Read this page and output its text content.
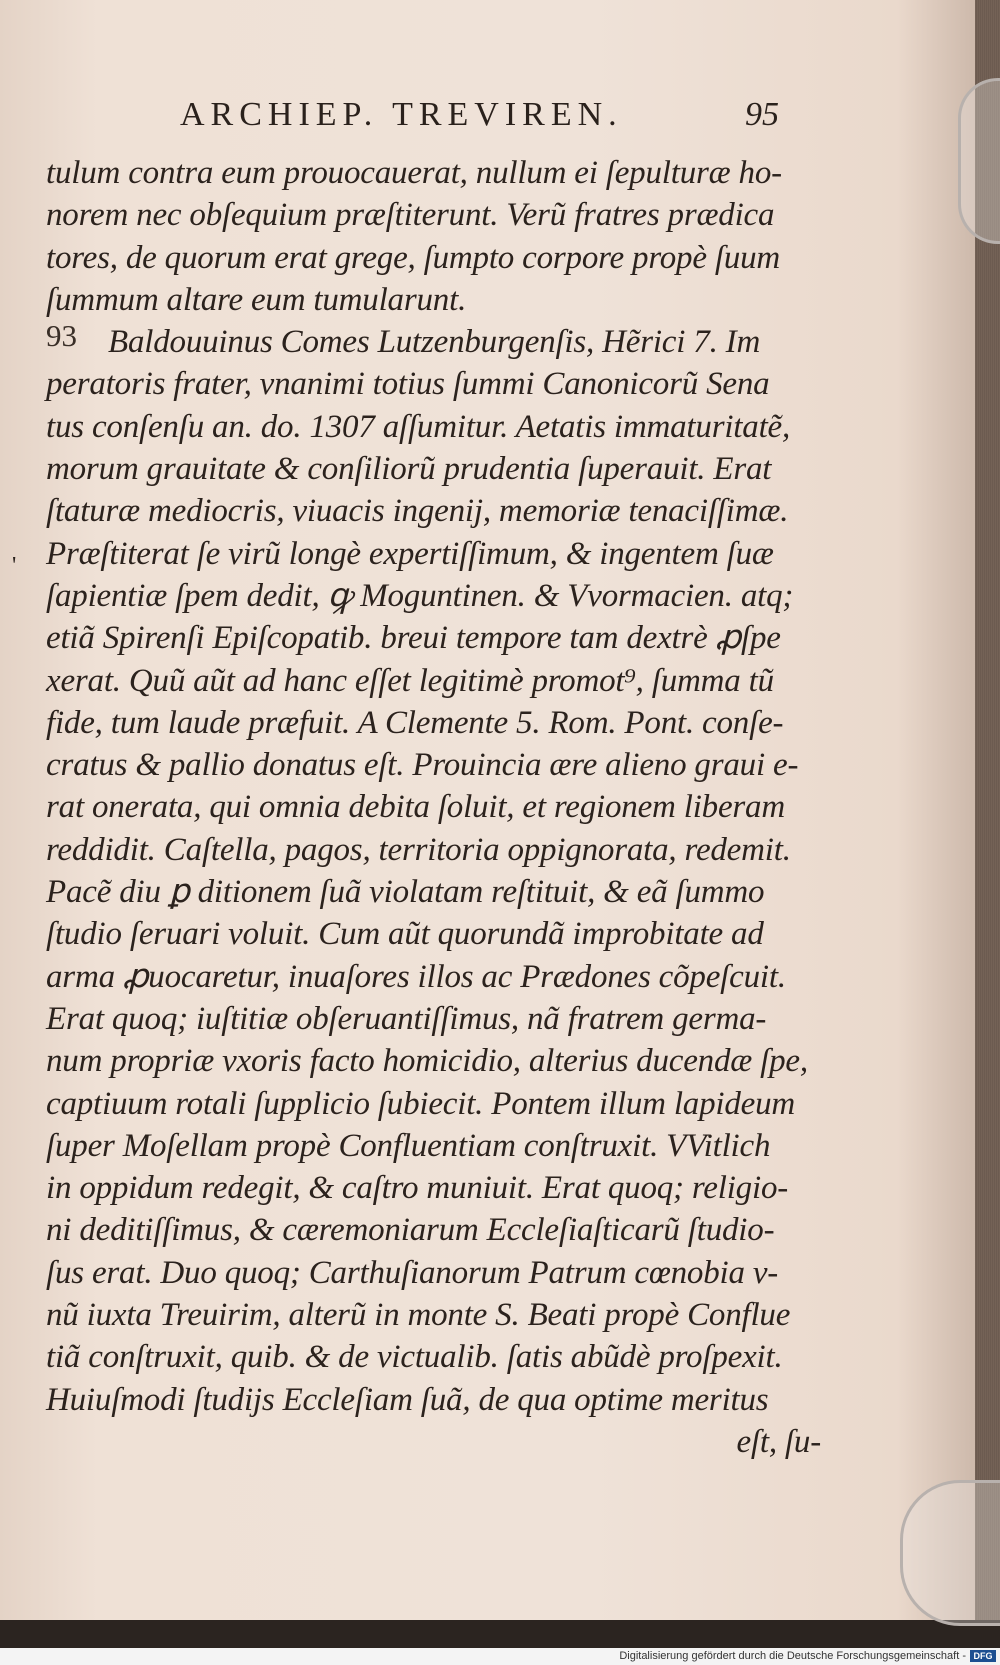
ARCHIEP. TREVIREN.	95
'
93
tulum contra eum prouocauerat, nullum ei ſepulturæ ho-
norem nec obſequium præſtiterunt. Verũ fratres prædica
tores, de quorum erat grege, ſumpto corpore propè ſuum
ſummum altare eum tumularunt.
Baldouuinus Comes Lutzenburgenſis, Hẽrici 7. Im
peratoris frater, vnanimi totius ſummi Canonicorũ Sena
tus conſenſu an. do. 1307 aſſumitur. Aetatis immaturitatẽ,
morum grauitate & conſiliorũ prudentia ſuperauit. Erat
ſtaturæ mediocris, viuacis ingenij, memoriæ tenaciſſimæ.
Præſtiterat ſe virũ longè expertiſſimum, & ingentem ſuæ
ſapientiæ ſpem dedit, ꝙ Moguntinen. & Vvormacien. atq;
etiã Spirenſi Epiſcopatib. breui tempore tam dextrè ꝓſpe
xerat. Quũ aũt ad hanc eſſet legitimè promot⁹, ſumma tũ
fide, tum laude præfuit. A Clemente 5. Rom. Pont. conſe-
cratus & pallio donatus eſt. Prouincia ære alieno graui e-
rat onerata, qui omnia debita ſoluit, et regionem liberam
reddidit. Caſtella, pagos, territoria oppignorata, redemit.
Pacẽ diu ꝑ ditionem ſuã violatam reſtituit, & eã ſummo
ſtudio ſeruari voluit. Cum aũt quorundã improbitate ad
arma ꝓuocaretur, inuaſores illos ac Prædones cõpeſcuit.
Erat quoq; iuſtitiæ obſeruantiſſimus, nã fratrem germa-
num propriæ vxoris facto homicidio, alterius ducendæ ſpe,
captiuum rotali ſupplicio ſubiecit. Pontem illum lapideum
ſuper Moſellam propè Confluentiam conſtruxit. VVitlich
in oppidum redegit, & caſtro muniuit. Erat quoq; religio-
ni deditiſſimus, & cæremoniarum Eccleſiaſticarũ ſtudio-
ſus erat. Duo quoq; Carthuſianorum Patrum cœnobia v-
nũ iuxta Treuirim, alterũ in monte S. Beati propè Conflue
tiã conſtruxit, quib. & de victualib. ſatis abũdè proſpexit.
Huiuſmodi ſtudijs Eccleſiam ſuã, de qua optime meritus
eſt, ſu-
Digitalisierung gefördert durch die Deutsche Forschungsgemeinschaft - DFG
